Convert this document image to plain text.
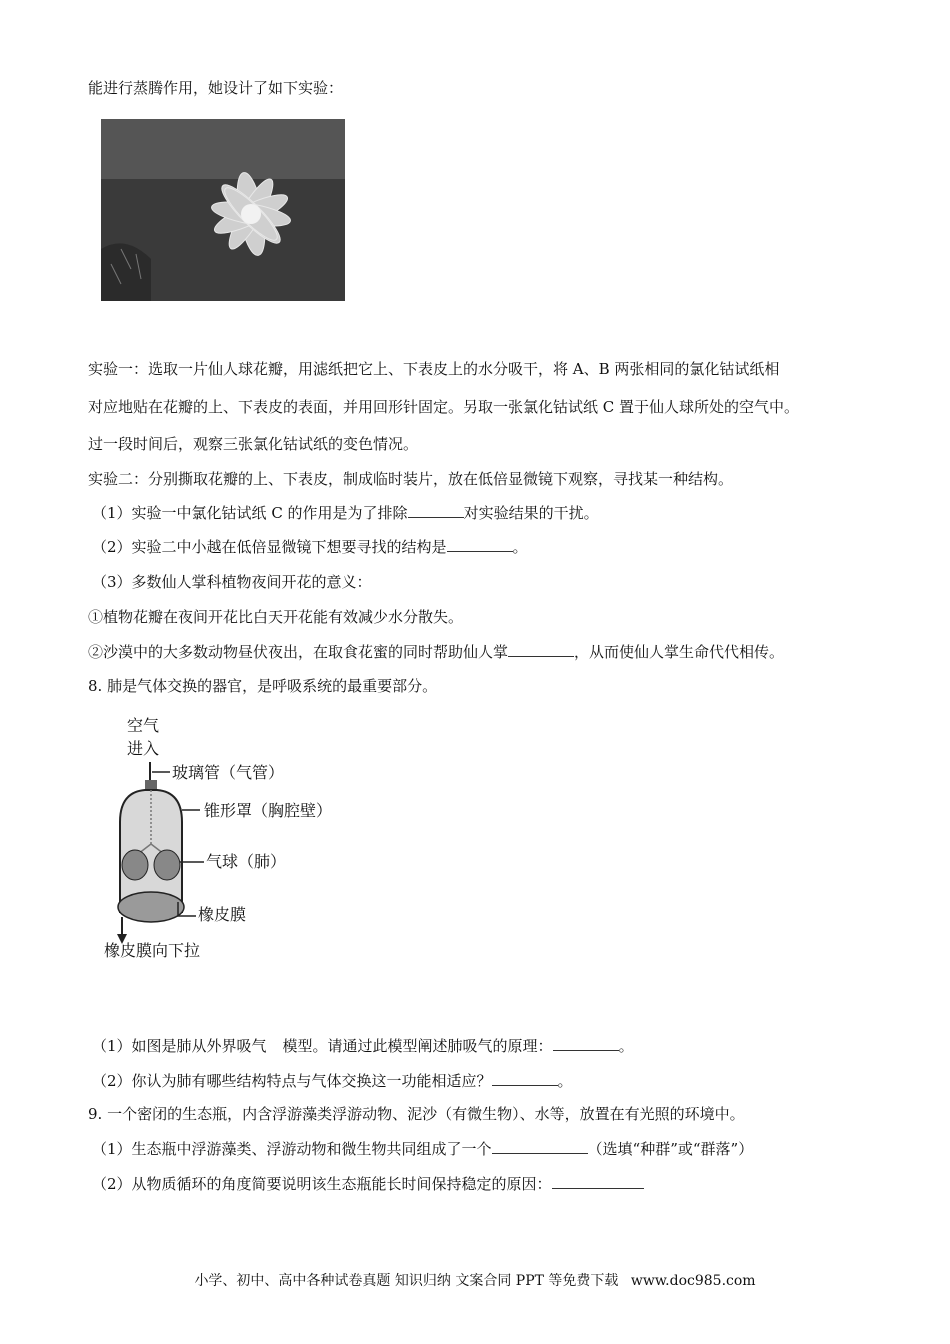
能进行蒸腾作用，她设计了如下实验：
实验一：选取一片仙人球花瓣，用滤纸把它上、下表皮上的水分吸干，将 A、B 两张相同的氯化钴试纸相
对应地贴在花瓣的上、下表皮的表面，并用回形针固定。另取一张氯化钴试纸 C 置于仙人球所处的空气中。
过一段时间后，观察三张氯化钴试纸的变色情况。
实验二：分别撕取花瓣的上、下表皮，制成临时装片，放在低倍显微镜下观察，寻找某一种结构。
（1）实验一中氯化钴试纸 C 的作用是为了排除	对实验结果的干扰。
（2）实验二中小越在低倍显微镜下想要寻找的结构是	。
（3）多数仙人掌科植物夜间开花的意义：
①植物花瓣在夜间开花比白天开花能有效减少水分散失。
②沙漠中的大多数动物昼伏夜出，在取食花蜜的同时帮助仙人掌	，从而使仙人掌生命代代相传。
8. 肺是气体交换的器官，是呼吸系统的最重要部分。
空气
进入
玻璃管（气管）
锥形罩（胸腔壁）
气球（肺）
橡皮膜
橡皮膜向下拉
（1）如图是肺从外界吸气 模型。请通过此模型阐述肺吸气的原理：	。
（2）你认为肺有哪些结构特点与气体交换这一功能相适应？	。
9. 一个密闭的生态瓶，内含浮游藻类浮游动物、泥沙（有微生物）、水等，放置在有光照的环境中。
（1）生态瓶中浮游藻类、浮游动物和微生物共同组成了一个	（选填“种群”或“群落”）
（2）从物质循环的角度简要说明该生态瓶能长时间保持稳定的原因：
小学、初中、高中各种试卷真题 知识归纳 文案合同 PPT 等免费下载 www.doc985.com
